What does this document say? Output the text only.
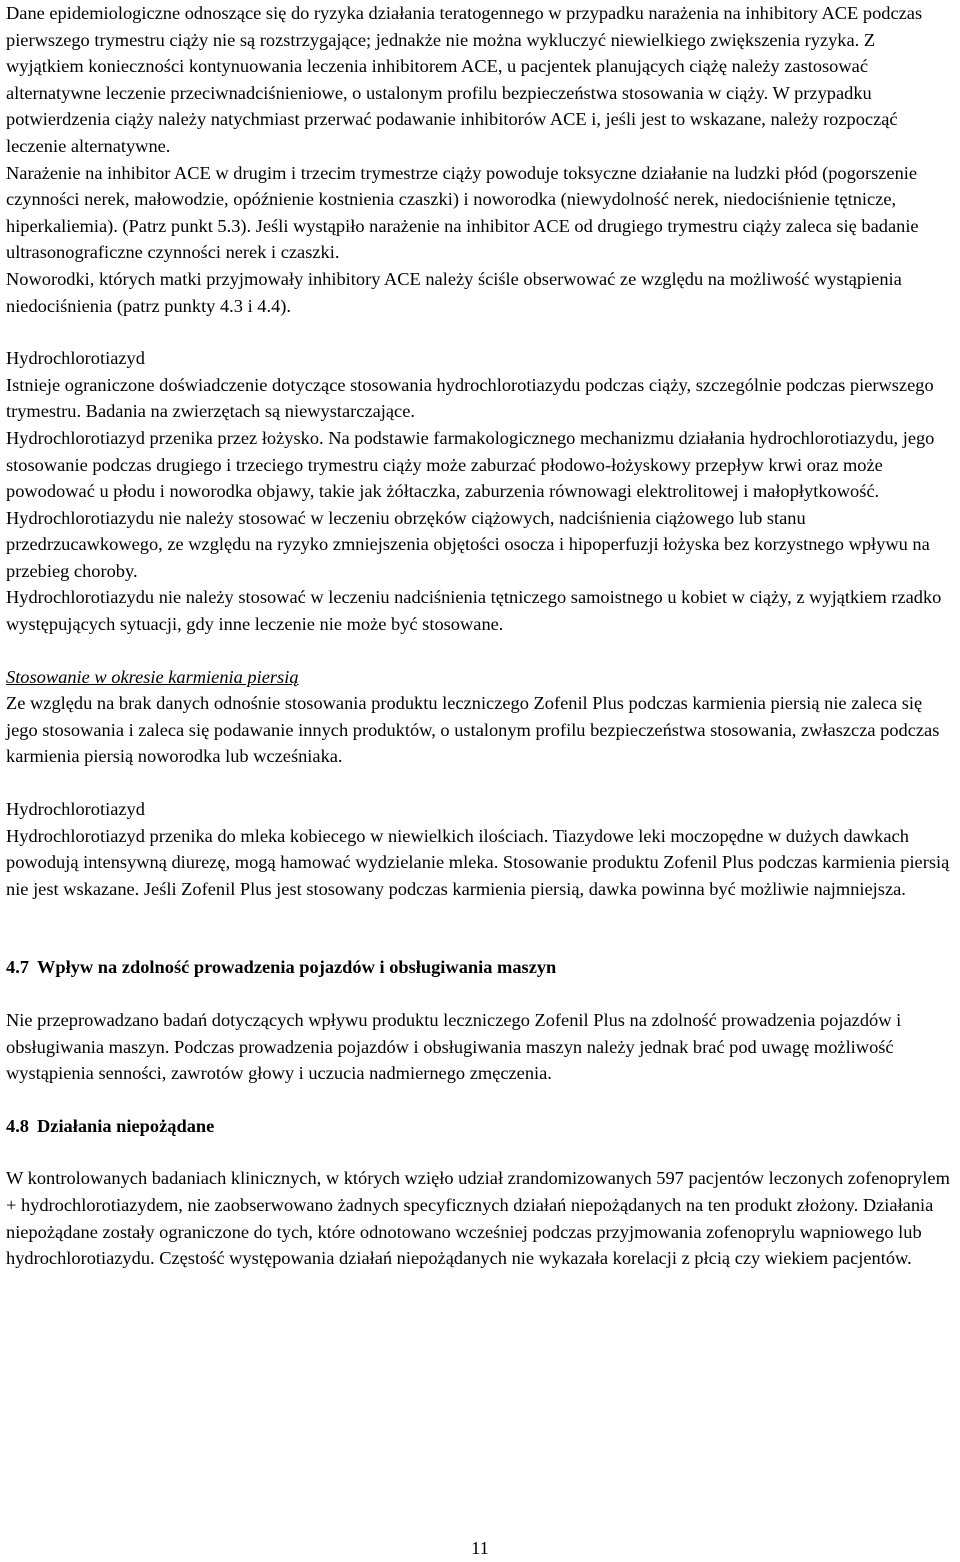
Dane epidemiologiczne odnoszące się do ryzyka działania teratogennego w przypadku narażenia na inhibitory ACE podczas pierwszego trymestru ciąży nie są rozstrzygające; jednakże nie można wykluczyć niewielkiego zwiększenia ryzyka. Z wyjątkiem konieczności kontynuowania leczenia inhibitorem ACE, u pacjentek planujących ciążę należy zastosować alternatywne leczenie przeciwnadciśnieniowe, o ustalonym profilu bezpieczeństwa stosowania w ciąży. W przypadku potwierdzenia ciąży należy natychmiast przerwać podawanie inhibitorów ACE i, jeśli jest to wskazane, należy rozpocząć leczenie alternatywne.

Narażenie na inhibitor ACE w drugim i trzecim trymestrze ciąży powoduje toksyczne działanie na ludzki płód (pogorszenie czynności nerek, małowodzie, opóźnienie kostnienia czaszki) i noworodka (niewydolność nerek, niedociśnienie tętnicze, hiperkaliemia). (Patrz punkt 5.3). Jeśli wystąpiło narażenie na inhibitor ACE od drugiego trymestru ciąży zaleca się badanie ultrasonograficzne czynności nerek i czaszki.

Noworodki, których matki przyjmowały inhibitory ACE należy ściśle obserwować ze względu na możliwość wystąpienia niedociśnienia (patrz punkty 4.3 i 4.4).

Hydrochlorotiazyd

Istnieje ograniczone doświadczenie dotyczące stosowania hydrochlorotiazydu podczas ciąży, szczególnie podczas pierwszego trymestru. Badania na zwierzętach są niewystarczające.

Hydrochlorotiazyd przenika przez łożysko. Na podstawie farmakologicznego mechanizmu działania hydrochlorotiazydu, jego stosowanie podczas drugiego i trzeciego trymestru ciąży może zaburzać płodowo-łożyskowy przepływ krwi oraz może powodować u płodu i noworodka objawy, takie jak żółtaczka, zaburzenia równowagi elektrolitowej i małopłytkowość.

Hydrochlorotiazydu nie należy stosować w leczeniu obrzęków ciążowych, nadciśnienia ciążowego lub stanu przedrzucawkowego, ze względu na ryzyko zmniejszenia objętości osocza i hipoperfuzji łożyska bez korzystnego wpływu na przebieg choroby.

Hydrochlorotiazydu nie należy stosować w leczeniu nadciśnienia tętniczego samoistnego u kobiet w ciąży, z wyjątkiem rzadko występujących sytuacji, gdy inne leczenie nie może być stosowane.

Stosowanie w okresie karmienia piersią

Ze względu na brak danych odnośnie stosowania produktu leczniczego Zofenil Plus podczas karmienia piersią nie zaleca się jego stosowania i zaleca się podawanie innych produktów, o ustalonym profilu bezpieczeństwa stosowania, zwłaszcza podczas karmienia piersią noworodka lub wcześniaka.

Hydrochlorotiazyd

Hydrochlorotiazyd przenika do mleka kobiecego w niewielkich ilościach. Tiazydowe leki moczopędne w dużych dawkach powodują intensywną diurezę, mogą hamować wydzielanie mleka. Stosowanie produktu Zofenil Plus podczas karmienia piersią nie jest wskazane. Jeśli Zofenil Plus jest stosowany podczas karmienia piersią, dawka powinna być możliwie najmniejsza.

4.7 Wpływ na zdolność prowadzenia pojazdów i obsługiwania maszyn

Nie przeprowadzano badań dotyczących wpływu produktu leczniczego Zofenil Plus na zdolność prowadzenia pojazdów i obsługiwania maszyn. Podczas prowadzenia pojazdów i obsługiwania maszyn należy jednak brać pod uwagę możliwość wystąpienia senności, zawrotów głowy i uczucia nadmiernego zmęczenia.

4.8 Działania niepożądane

W kontrolowanych badaniach klinicznych, w których wzięło udział zrandomizowanych 597 pacjentów leczonych zofenoprylem + hydrochlorotiazydem, nie zaobserwowano żadnych specyficznych działań niepożądanych na ten produkt złożony. Działania niepożądane zostały ograniczone do tych, które odnotowano wcześniej podczas przyjmowania zofenoprylu wapniowego lub hydrochlorotiazydu. Częstość występowania działań niepożądanych nie wykazała korelacji z płcią czy wiekiem pacjentów.

11
